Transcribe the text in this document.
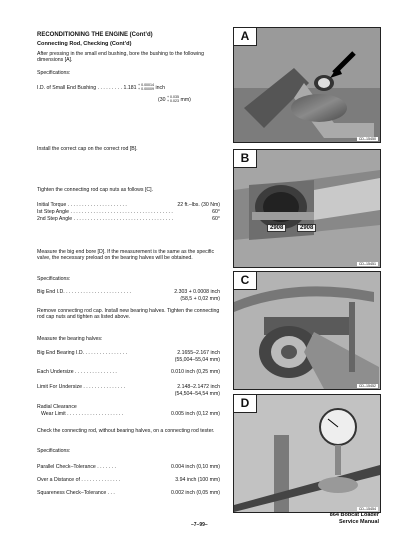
RECONDITIONING THE ENGINE (Cont’d)
Connecting Rod, Checking (Cont’d)
After pressing in the small end bushing, bore the bushing to the following dimensions [A].
Specifications:
I.D. of Small End Bushing . . . . . . . . . 1.181 + 0.00014
+ 0.00009 inch
(30 + 0.035
+ 0.023 mm)
Install the correct cap on the correct rod [B].
Tighten the connecting rod cap nuts as follows [C].
Initial Torque . . . . . . . . . . . . . . . . . . . . .	22 ft.–lbs. (30 Nm)
Ist Step Angle . . . . . . . . . . . . . . . . . . . . . . . . . . . . . . . . . . . .	60°
2nd Step Angle . . . . . . . . . . . . . . . . . . . . . . . . . . . . . . . . . . .	60°
Measure the big end bore [D]. If the measurement is the same as the specific valve, the necessary preload on the bearing halves will be obtained.
Specifications:
Big End I.D. . . . . . . . . . . . . . . . . . . . . . . .	2.303 + 0.0008 inch
(58,5 + 0,02 mm)
Remove connecting rod cap. Install new bearing halves. Tighten the connecting rod cap nuts and tighten as listed above.
Measure the bearing halves:
Big End Bearing I.D. . . . . . . . . . . . . . . .	2.1655–2.167 inch
(55,004–55,04 mm)
Each Undersize . . . . . . . . . . . . . . .	0.010 inch (0,25 mm)
Limit For Undersize . . . . . . . . . . . . . . .	2.148–2.1472 inch
(54,504–54,54 mm)
Radial Clearance
Wear Limit . . . . . . . . . . . . . . . . . . . .	0.005 inch (0,12 mm)
Check the connecting rod, without bearing halves, on a connecting rod tester.
Specifications:
Parallel Check–Tolerance . . . . . . .	0.004 inch (0,10 mm)
Over a Distance of . . . . . . . . . . . . . .	3.94 inch (100 mm)
Squareness Check–Tolerance . . .	0.002 inch (0,05 mm)
A
CD–15450
B
2908	2908
CD–15451
C
CD–15452
D
CD–15454
–7–99–
864 Bobcat Loader
Service Manual
